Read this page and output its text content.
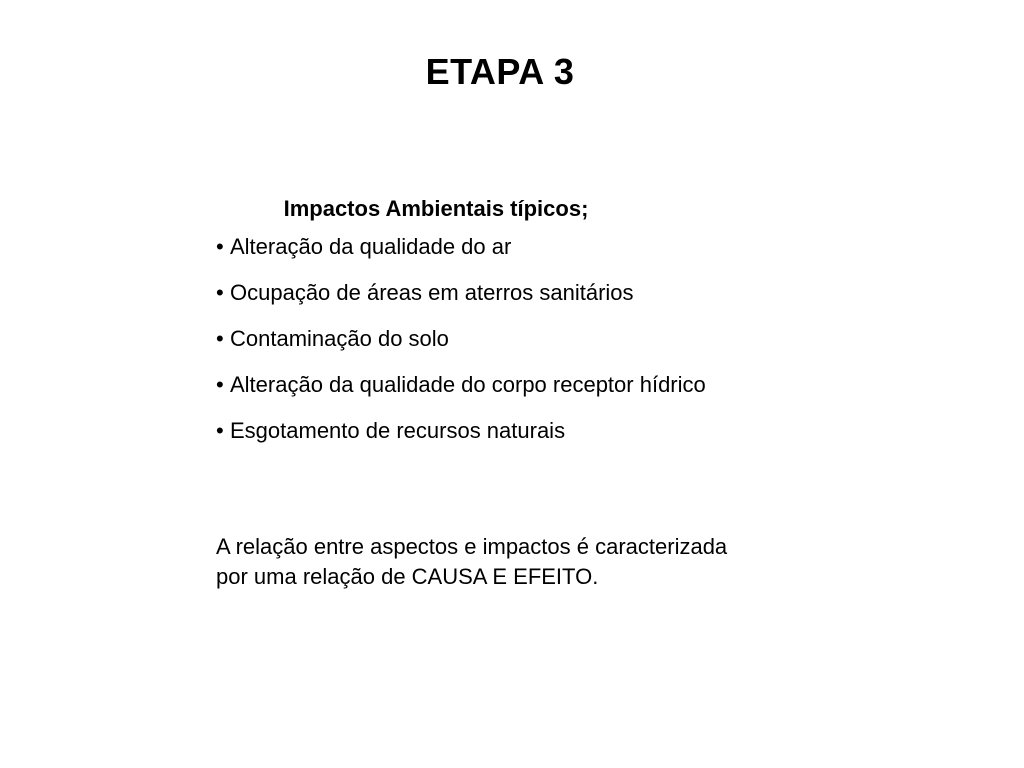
ETAPA 3
Impactos Ambientais típicos;
• Alteração da qualidade do ar
• Ocupação de áreas em aterros sanitários
• Contaminação do solo
• Alteração da qualidade do corpo receptor hídrico
• Esgotamento de recursos naturais
A relação entre aspectos e impactos é caracterizada
por uma relação de CAUSA E EFEITO.
